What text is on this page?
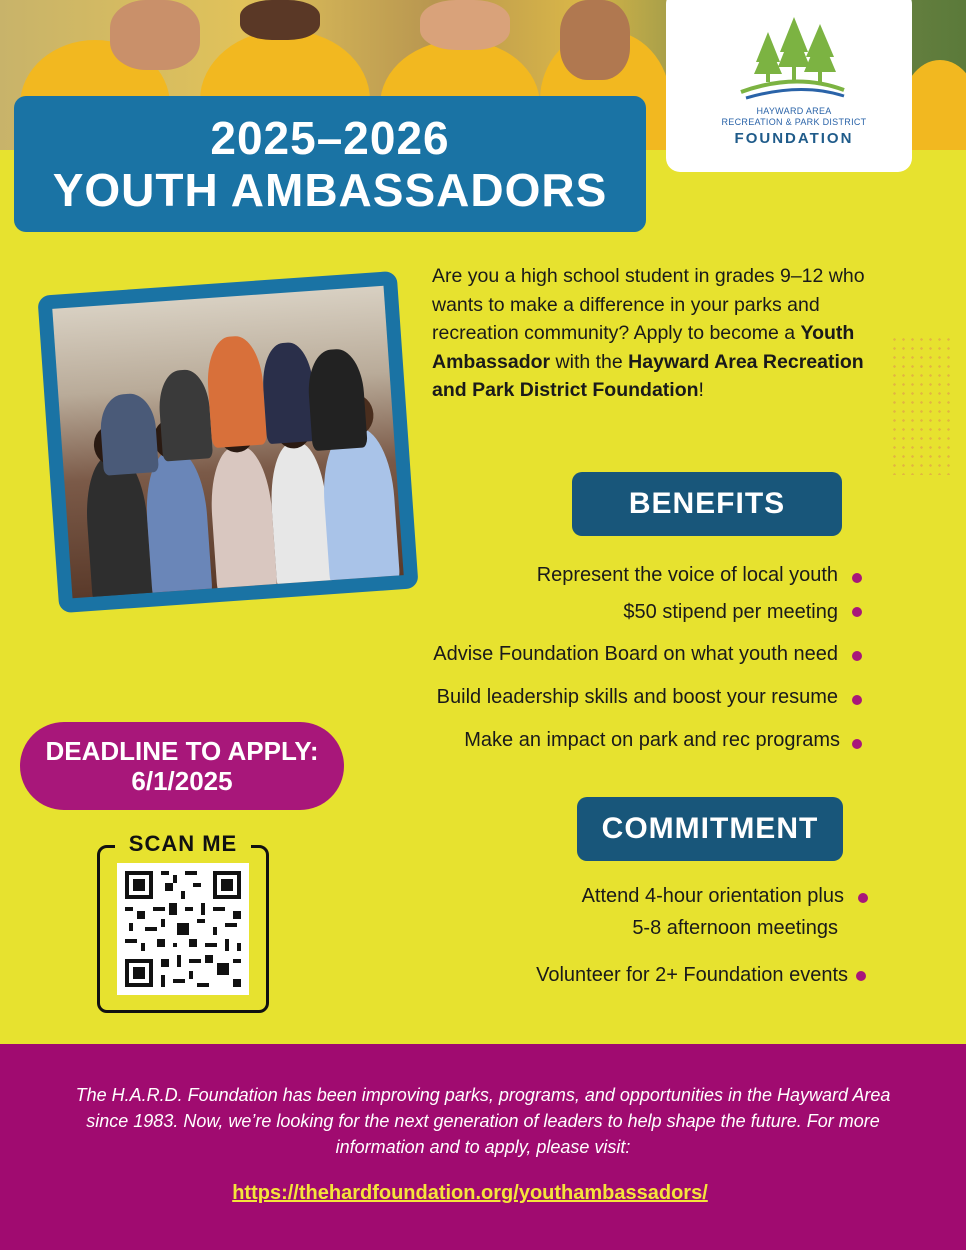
2025–2026
YOUTH AMBASSADORS
HAYWARD AREA
RECREATION & PARK DISTRICT
FOUNDATION
Are you a high school student in grades 9–12 who wants to make a difference in your parks and recreation community? Apply to become a Youth Ambassador with the Hayward Area Recreation and Park District Foundation!
BENEFITS
Represent the voice of local youth
$50 stipend per meeting
Advise Foundation Board on what youth need
Build leadership skills and boost your resume
Make an impact on park and rec programs
DEADLINE TO APPLY:
6/1/2025
SCAN ME	COMMITMENT
Attend 4-hour orientation plus
5-8 afternoon meetings
Volunteer for 2+ Foundation events
The H.A.R.D. Foundation has been improving parks, programs, and opportunities in the Hayward Area since 1983. Now, we’re looking for the next generation of leaders to help shape the future. For more information and to apply, please visit:
https://thehardfoundation.org/youthambassadors/
